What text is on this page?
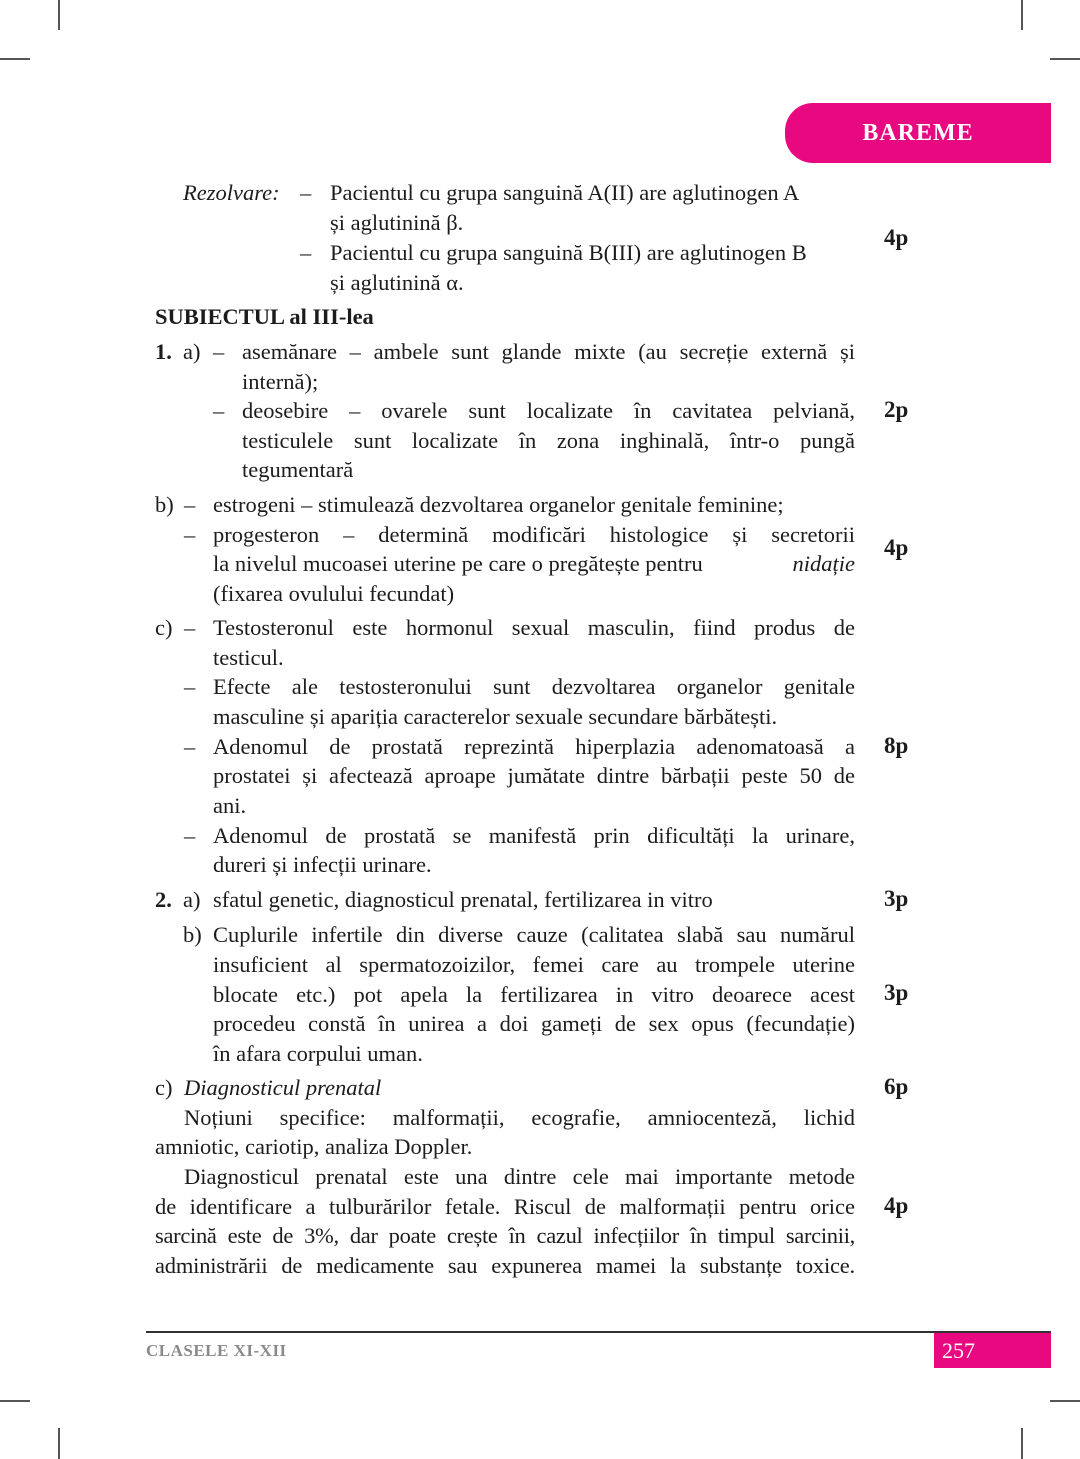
BAREME
Rezolvare: – Pacientul cu grupa sanguină A(II) are aglutinogen A
și aglutinină β.
– Pacientul cu grupa sanguină B(III) are aglutinogen B
și aglutinină α.
4p
SUBIECTUL al III-lea
1. a) – asemănare – ambele sunt glande mixte (au secreție externă și
internă);
– deosebire – ovarele sunt localizate în cavitatea pelviană,
testiculele sunt localizate în zona inghinală, într-o pungă
tegumentară
2p
b) – estrogeni – stimulează dezvoltarea organelor genitale feminine;
– progesteron – determină modificări histologice și secretorii
la nivelul mucoasei uterine pe care o pregătește pentru	nidație
(fixarea ovulului fecundat)
4p
c) – Testosteronul este hormonul sexual masculin, fiind produs de
testicul.
– Efecte ale testosteronului sunt dezvoltarea organelor genitale
masculine și apariția caracterelor sexuale secundare bărbătești.
– Adenomul de prostată reprezintă hiperplazia adenomatoasă a
prostatei și afectează aproape jumătate dintre bărbații peste 50 de
ani.
– Adenomul de prostată se manifestă prin dificultăți la urinare,
dureri și infecții urinare.
8p
2. a) sfatul genetic, diagnosticul prenatal, fertilizarea in vitro	3p
b) Cuplurile infertile din diverse cauze (calitatea slabă sau numărul
insuficient al spermatozoizilor, femei care au trompele uterine
blocate etc.) pot apela la fertilizarea in vitro deoarece acest
procedeu constă în unirea a doi gameți de sex opus (fecundație)
în afara corpului uman.
3p
c) Diagnosticul prenatal	6p
Noțiuni specifice: malformații, ecografie, amniocenteză, lichid
amniotic, cariotip, analiza Doppler.
Diagnosticul prenatal este una dintre cele mai importante metode
de identificare a tulburărilor fetale. Riscul de malformații pentru orice
sarcină este de 3%, dar poate crește în cazul infecțiilor în timpul sarcinii,
administrării de medicamente sau expunerea mamei la substanțe toxice.
4p
CLASELE XI-XII	257
